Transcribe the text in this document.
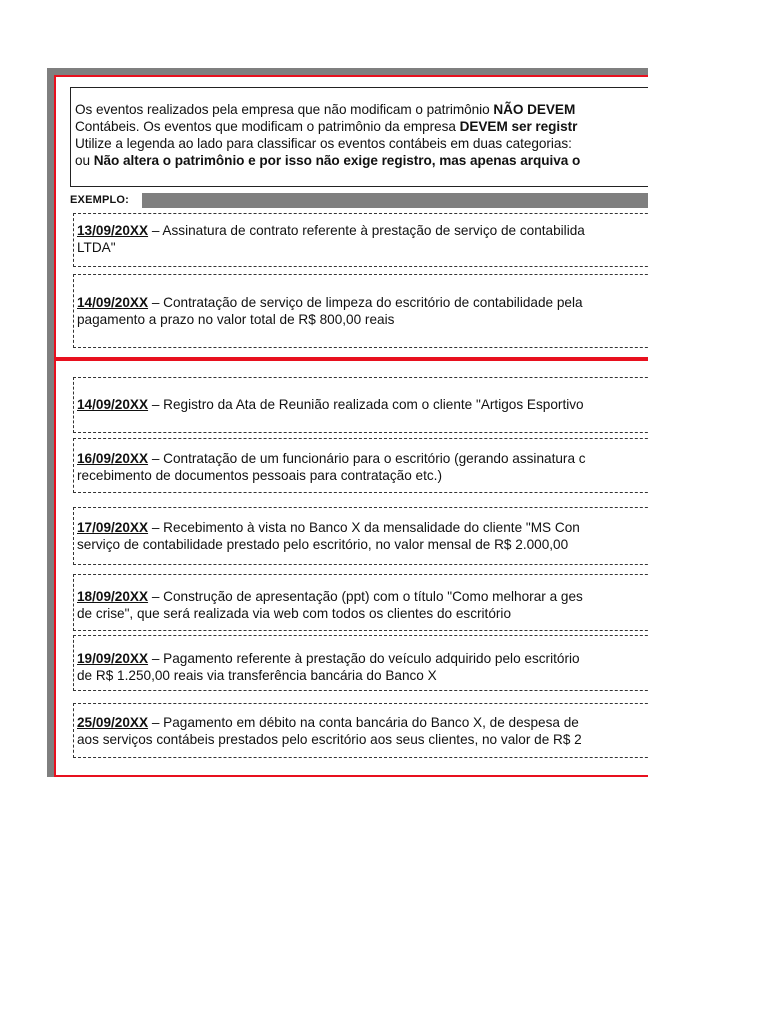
Os eventos realizados pela empresa que não modificam o patrimônio NÃO DEVEM
Contábeis. Os eventos que modificam o patrimônio da empresa DEVEM ser registr
Utilize a legenda ao lado para classificar os eventos contábeis em duas categorias:
ou Não altera o patrimônio e por isso não exige registro, mas apenas arquiva o
EXEMPLO:
13/09/20XX – Assinatura de contrato referente à prestação de serviço de contabilida
LTDA"
14/09/20XX – Contratação de serviço de limpeza do escritório de contabilidade pela
pagamento a prazo no valor total de R$ 800,00 reais
14/09/20XX – Registro da Ata de Reunião realizada com o cliente "Artigos Esportivo
16/09/20XX – Contratação de um funcionário para o escritório (gerando assinatura c
recebimento de documentos pessoais para contratação etc.)
17/09/20XX – Recebimento à vista no Banco X da mensalidade do cliente "MS Con
serviço de contabilidade prestado pelo escritório, no valor mensal de R$ 2.000,00
18/09/20XX – Construção de apresentação (ppt) com o título "Como melhorar a ges
de crise", que será realizada via web com todos os clientes do escritório
19/09/20XX – Pagamento referente à prestação do veículo adquirido pelo escritório
de R$ 1.250,00 reais via transferência bancária do Banco X
25/09/20XX – Pagamento em débito na conta bancária do Banco X, de despesa de
aos serviços contábeis prestados pelo escritório aos seus clientes, no valor de R$ 2
